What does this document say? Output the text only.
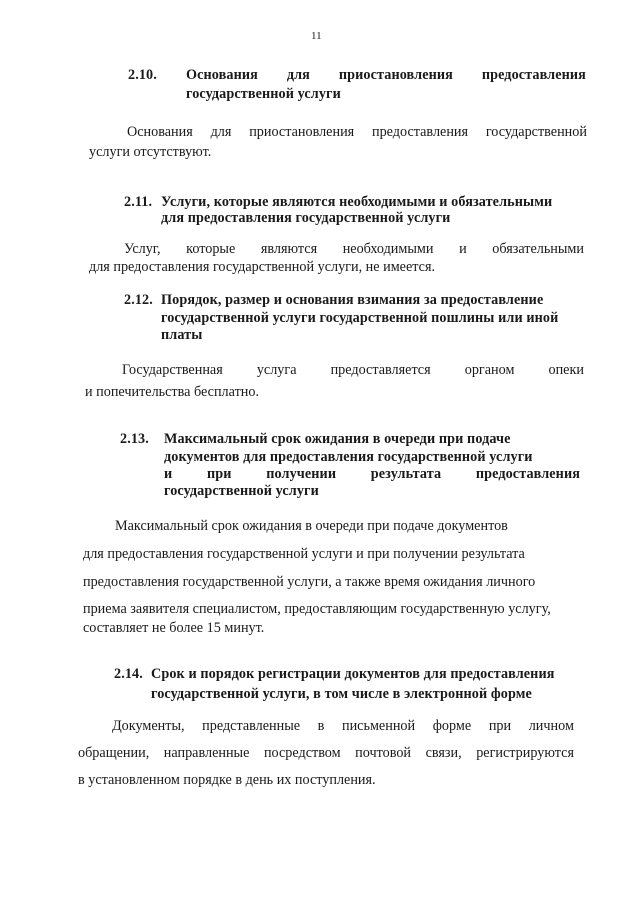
11
2.10. Основания для приостановления предоставления
государственной услуги
Основания для приостановления предоставления государственной
услуги отсутствуют.
2.11. Услуги, которые являются необходимыми и обязательными
для предоставления государственной услуги
Услуг, которые являются необходимыми и обязательными
для предоставления государственной услуги, не имеется.
2.12. Порядок, размер и основания взимания за предоставление
государственной услуги государственной пошлины или иной
платы
Государственная услуга предоставляется органом опеки
и попечительства бесплатно.
2.13. Максимальный срок ожидания в очереди при подаче
документов для предоставления государственной услуги
и при получении результата предоставления
государственной услуги
Максимальный срок ожидания в очереди при подаче документов
для предоставления государственной услуги и при получении результата
предоставления государственной услуги, а также время ожидания личного
приема заявителя специалистом, предоставляющим государственную услугу,
составляет не более 15 минут.
2.14. Срок и порядок регистрации документов для предоставления
государственной услуги, в том числе в электронной форме
Документы, представленные в письменной форме при личном
обращении, направленные посредством почтовой связи, регистрируются
в установленном порядке в день их поступления.
